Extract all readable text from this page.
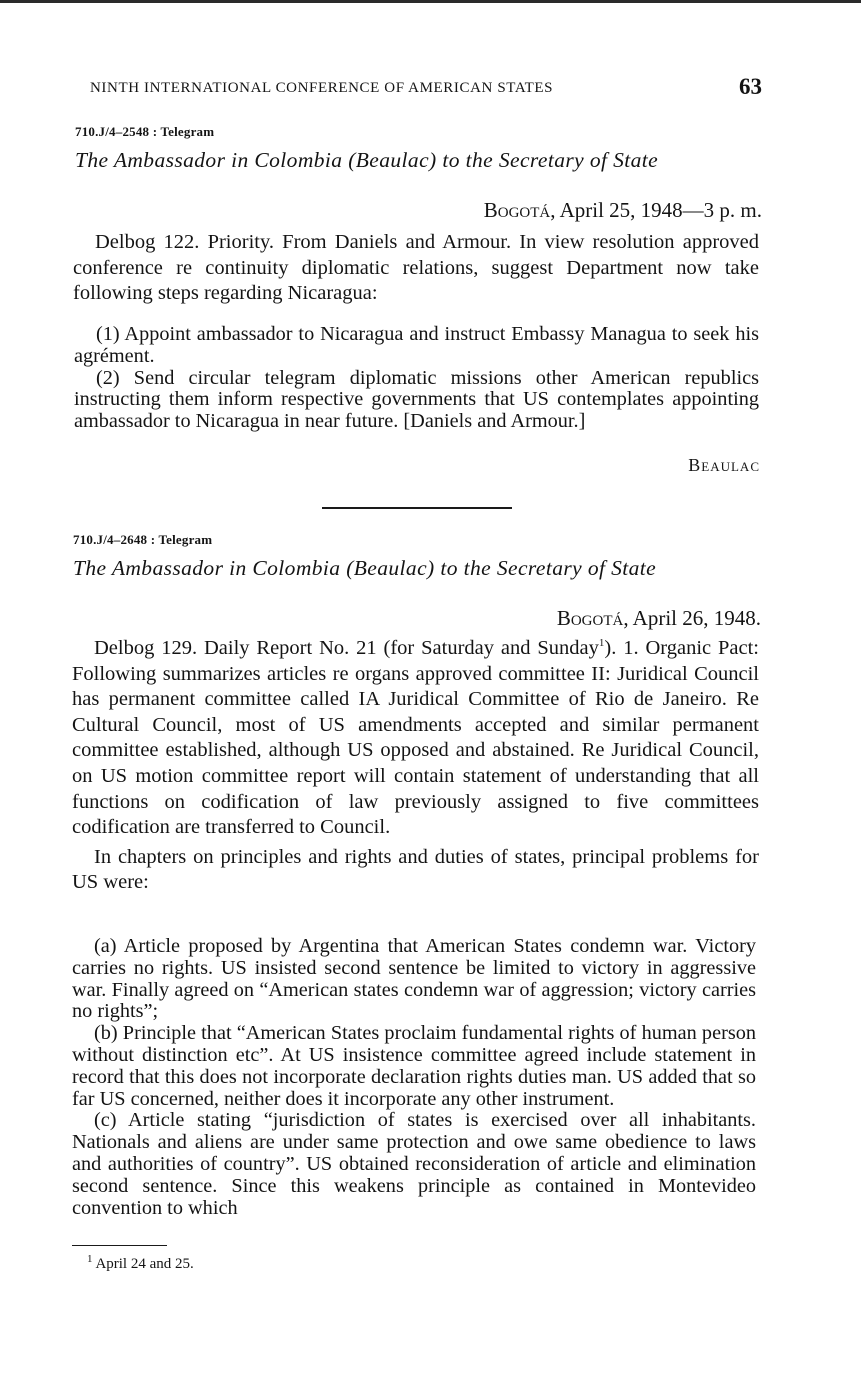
NINTH INTERNATIONAL CONFERENCE OF AMERICAN STATES	63
710.J/4–2548 : Telegram
The Ambassador in Colombia (Beaulac) to the Secretary of State
Bogotá, April 25, 1948—3 p. m.

Delbog 122. Priority. From Daniels and Armour. In view resolution approved conference re continuity diplomatic relations, suggest Department now take following steps regarding Nicaragua:

(1) Appoint ambassador to Nicaragua and instruct Embassy Managua to seek his agrément.

(2) Send circular telegram diplomatic missions other American republics instructing them inform respective governments that US contemplates appointing ambassador to Nicaragua in near future. [Daniels and Armour.]

Beaulac
710.J/4–2648 : Telegram
The Ambassador in Colombia (Beaulac) to the Secretary of State
Bogotá, April 26, 1948.

Delbog 129. Daily Report No. 21 (for Saturday and Sunday$^1$). 1. Organic Pact: Following summarizes articles re organs approved committee II: Juridical Council has permanent committee called IA Juridical Committee of Rio de Janeiro. Re Cultural Council, most of US amendments accepted and similar permanent committee established, although US opposed and abstained. Re Juridical Council, on US motion committee report will contain statement of understanding that all functions on codification of law previously assigned to five committees codification are transferred to Council.

In chapters on principles and rights and duties of states, principal problems for US were:

(a) Article proposed by Argentina that American States condemn war. Victory carries no rights. US insisted second sentence be limited to victory in aggressive war. Finally agreed on “American states condemn war of aggression; victory carries no rights”;

(b) Principle that “American States proclaim fundamental rights of human person without distinction etc”. At US insistence committee agreed include statement in record that this does not incorporate declaration rights duties man. US added that so far US concerned, neither does it incorporate any other instrument.

(c) Article stating “jurisdiction of states is exercised over all inhabitants. Nationals and aliens are under same protection and owe same obedience to laws and authorities of country”. US obtained reconsideration of article and elimination second sentence. Since this weakens principle as contained in Montevideo convention to which

$^1$ April 24 and 25.
